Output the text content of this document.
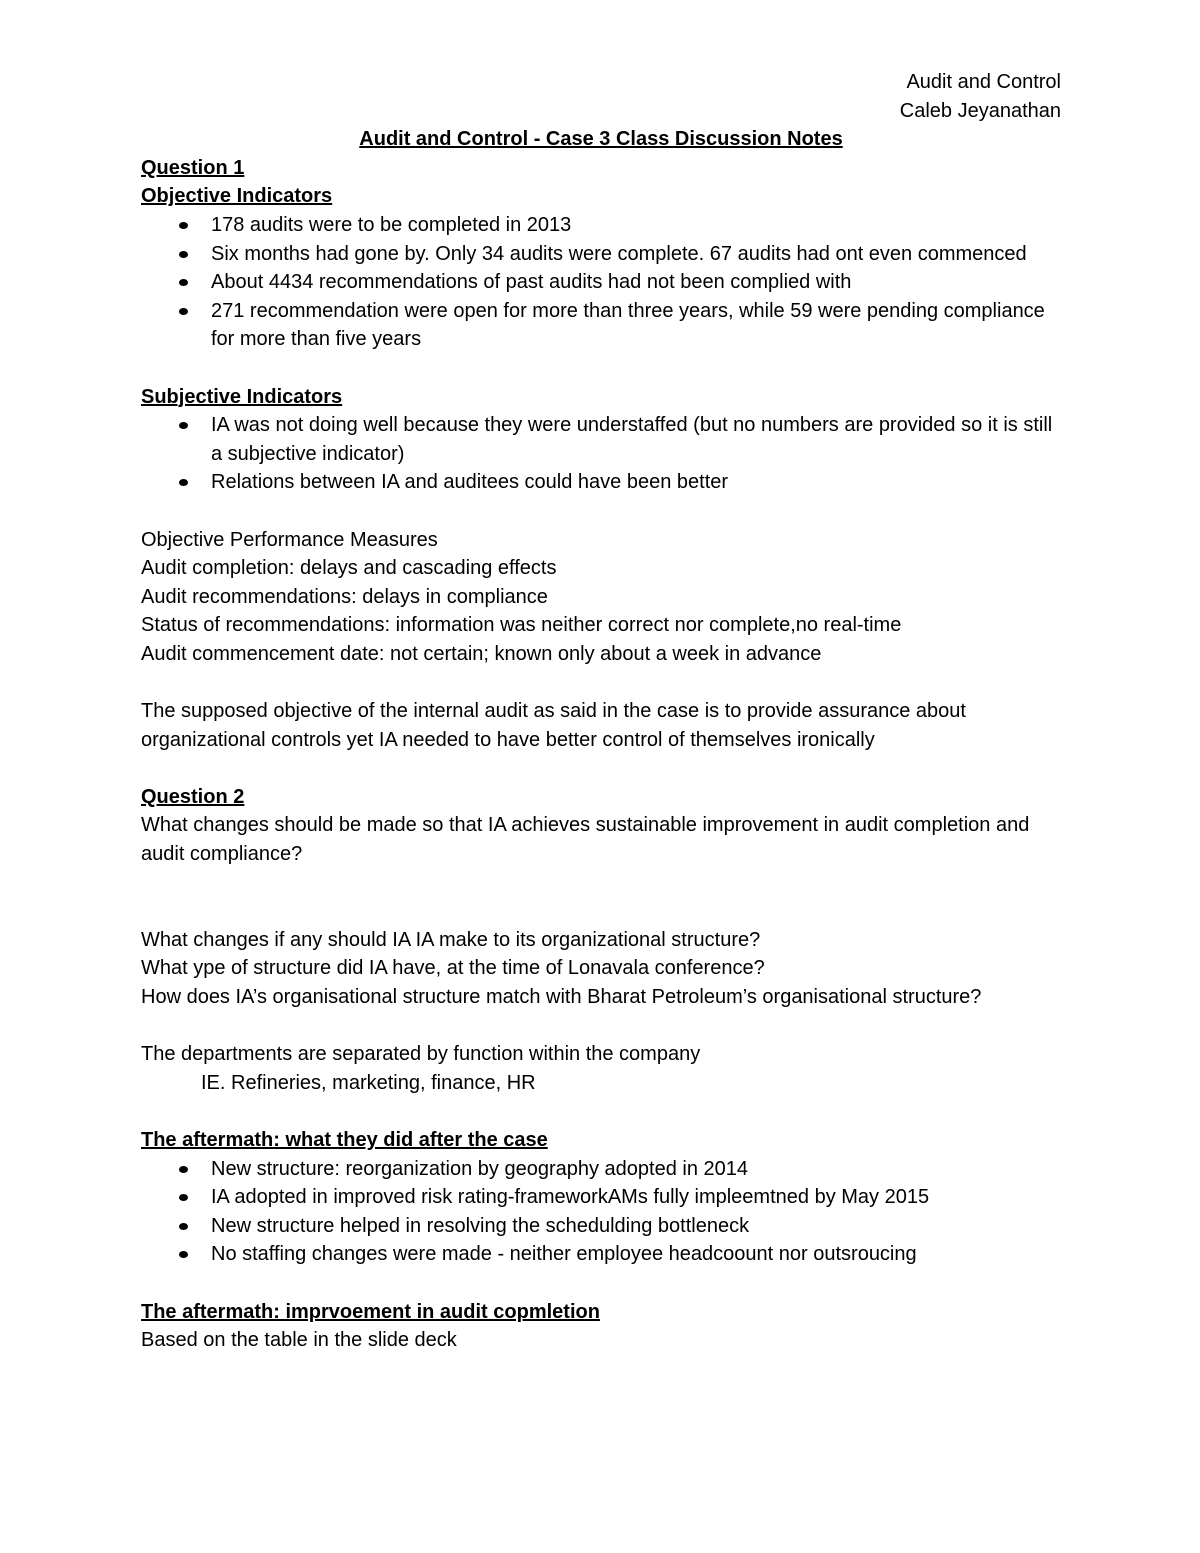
Audit and Control
Caleb Jeyanathan
Audit and Control - Case 3 Class Discussion Notes
Question 1
Objective Indicators
178 audits were to be completed in 2013
Six months had gone by. Only 34 audits were complete. 67 audits had ont even commenced
About 4434 recommendations of past audits had not been complied with
271 recommendation were open for more than three years, while 59 were pending compliance for more than five years
Subjective Indicators
IA was not doing well because they were understaffed (but no numbers are provided so it is still a subjective indicator)
Relations between IA and auditees could have been better
Objective Performance Measures
Audit completion: delays and cascading effects
Audit recommendations: delays in compliance
Status of recommendations: information was neither correct nor complete,no real-time
Audit commencement date: not certain; known only about a week in advance
The supposed objective of the internal audit as said in the case is to provide assurance about organizational controls yet IA needed to have better control of themselves ironically
Question 2
What changes should be made so that IA achieves sustainable improvement in audit completion and audit compliance?
What changes if any should IA IA make to its organizational structure?
What ype of structure did IA have, at the time of Lonavala conference?
How does IA’s organisational structure match with Bharat Petroleum’s organisational structure?
The departments are separated by function within the company
IE. Refineries, marketing, finance, HR
The aftermath: what they did after the case
New structure: reorganization by geography adopted in 2014
IA adopted in improved risk rating-frameworkAMs fully impleemtned by May 2015
New structure helped in resolving the schedulding bottleneck
No staffing changes were made - neither employee headcoount nor outsroucing
The aftermath: imprvoement in audit copmletion
Based on the table in the slide deck
